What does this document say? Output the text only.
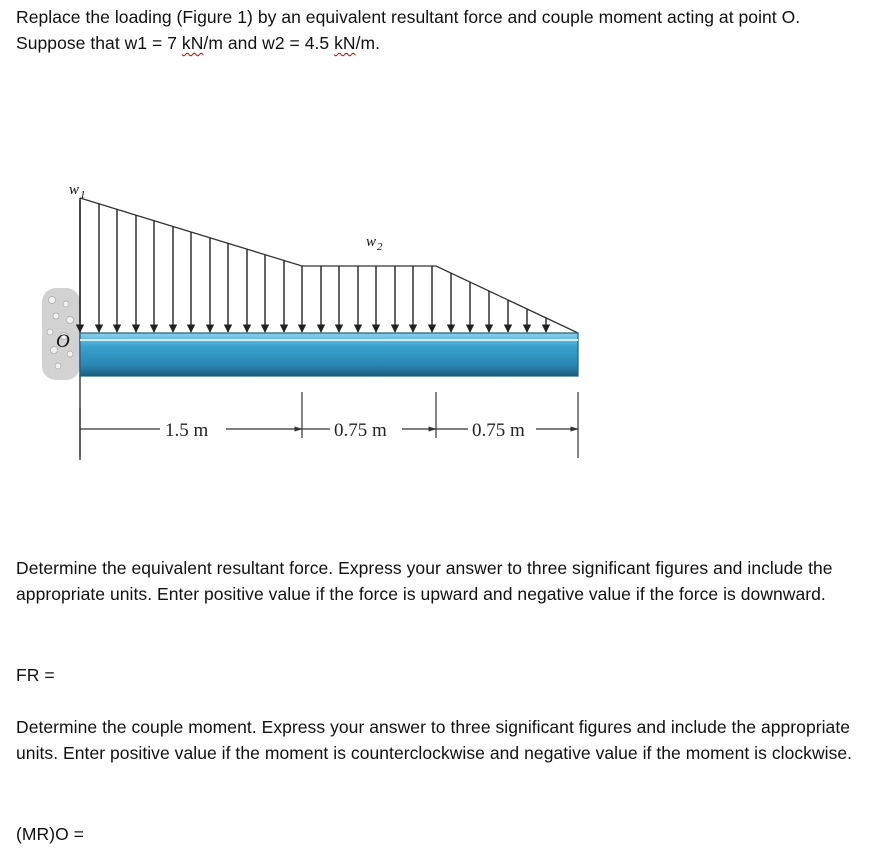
Replace the loading (Figure 1) by an equivalent resultant force and couple moment acting at point O. Suppose that w1 = 7 kN/m and w2 = 4.5 kN/m.

O
$w_1$
$w_2$
1.5 m	0.75 m	0.75 m

Determine the equivalent resultant force. Express your answer to three significant figures and include the appropriate units. Enter positive value if the force is upward and negative value if the force is downward.

FR =

Determine the couple moment. Express your answer to three significant figures and include the appropriate units. Enter positive value if the moment is counterclockwise and negative value if the moment is clockwise.

(MR)O =
